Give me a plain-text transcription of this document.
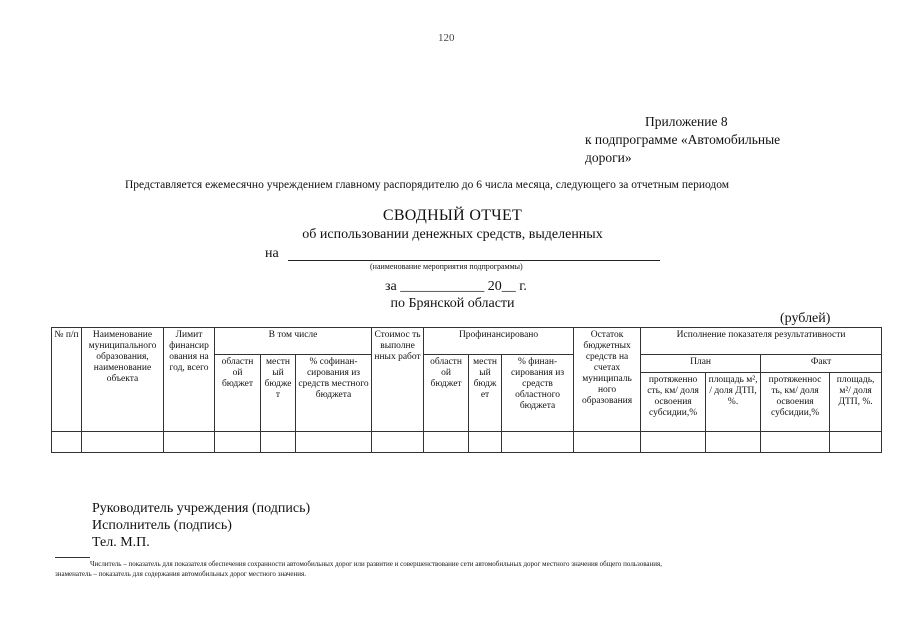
120
Приложение 8
к подпрограмме «Автомобильные
дороги»
Представляется ежемесячно учреждением главному распорядителю до 6 числа месяца, следующего за отчетным периодом
СВОДНЫЙ ОТЧЕТ
об использовании денежных средств, выделенных
на
(наименование мероприятия подпрограммы)
за ____________ 20__ г.
по Брянской области
(рублей)
№ п/п	Наименование муниципального образования, наименование объекта	Лимит финансир ования на год, всего	В том числе			Стоимос ть выполне нных работ	Профинансировано			Остаток бюджетных средств на счетах муниципаль ного образования	Исполнение показателя результативности			
			областн ой бюджет	местн ый бюдже т	% софинан- сирования из средств местного бюджета		областн ой бюджет	местн ый бюдж ет	% финан- сирования из средств областного бюджета		План		Факт	
											протяженно сть, км/ доля освоения субсидии,%	площадь м², / доля ДТП, %.	протяженнос ть, км/ доля освоения субсидии,%	площадь, м²/ доля ДТП, %.

Руководитель учреждения (подпись)
Исполнитель (подпись)
Тел. М.П.
Числитель – показатель для показателя обеспечения сохранности автомобильных дорог или развитие и совершенствование сети автомобильных дорог местного значения общего пользования,
знаменатель – показатель для содержания автомобильных дорог местного значения.
